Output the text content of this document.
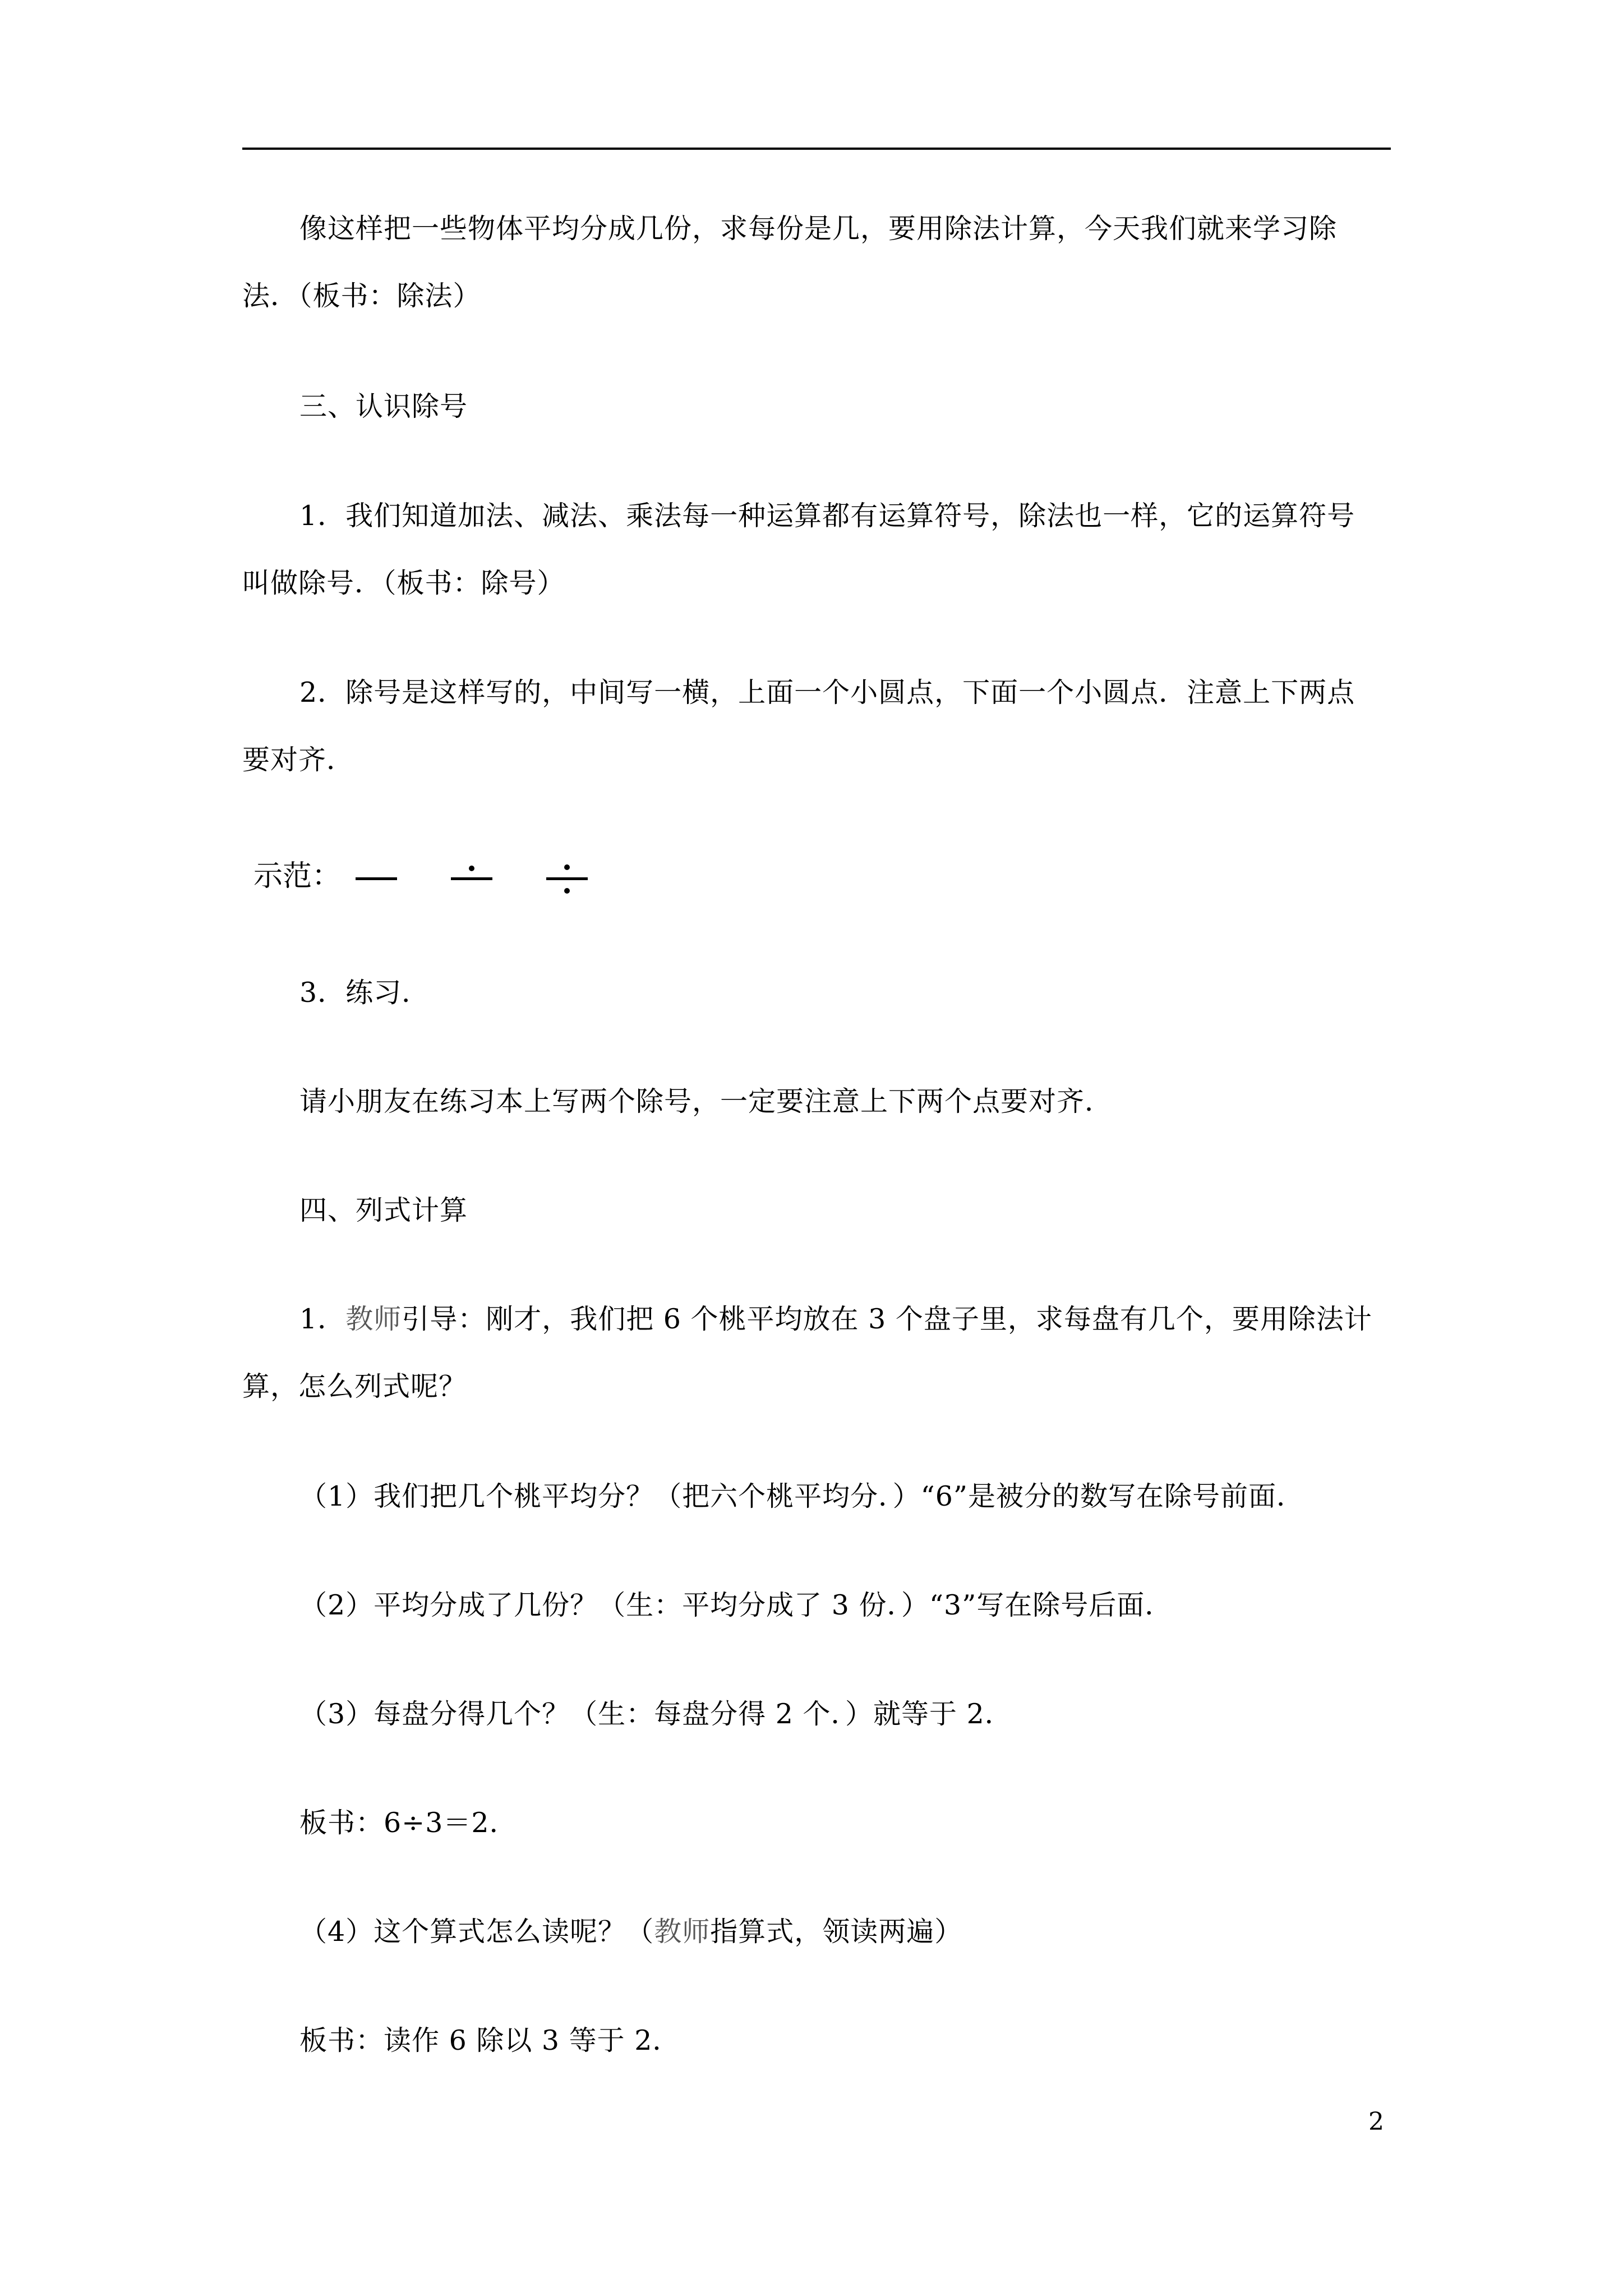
像这样把一些物体平均分成几份，求每份是几，要用除法计算，今天我们就来学习除
法．（板书：除法）
三、认识除号
1．我们知道加法、减法、乘法每一种运算都有运算符号，除法也一样，它的运算符号
叫做除号．（板书：除号）
2．除号是这样写的，中间写一横，上面一个小圆点，下面一个小圆点．注意上下两点
要对齐．
示范：
3．练习．
请小朋友在练习本上写两个除号，一定要注意上下两个点要对齐．
四、列式计算
1．教师引导：刚才，我们把 6 个桃平均放在 3 个盘子里，求每盘有几个，要用除法计
算，怎么列式呢？
（1）我们把几个桃平均分？（把六个桃平均分．）“6”是被分的数写在除号前面．
（2）平均分成了几份？（生：平均分成了 3 份．）“3”写在除号后面．
（3）每盘分得几个？（生：每盘分得 2 个．）就等于 2．
板书：6÷3＝2．
（4）这个算式怎么读呢？（教师指算式，领读两遍）
板书：读作 6 除以 3 等于 2．
2
